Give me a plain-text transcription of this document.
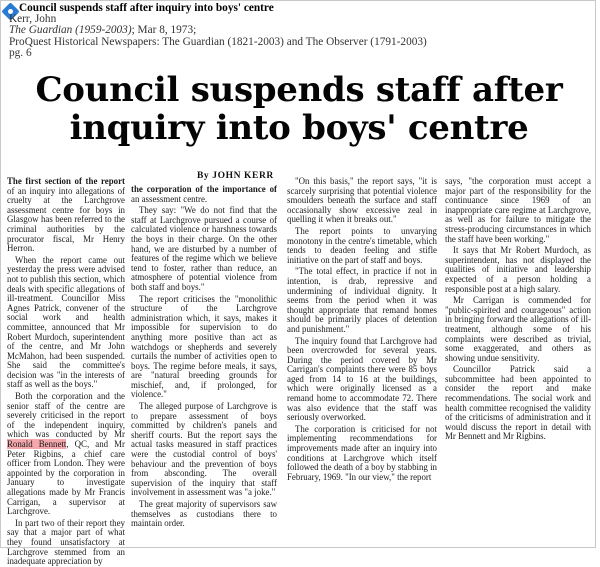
Council suspends staff after inquiry into boys' centre
Kerr, John
The Guardian (1959-2003); Mar 8, 1973;
ProQuest Historical Newspapers: The Guardian (1821-2003) and The Observer (1791-2003)
pg. 6
Council suspends staff after
inquiry into boys' centre
By JOHN KERR

The first section of the report of an inquiry into allegations of cruelty at the Larchgrove assessment centre for boys in Glasgow has been referred to the criminal authorities by the procurator fiscal, Mr Henry Herron.

When the report came out yesterday the press were advised not to publish this section, which deals with specific allegations of ill-treatment. Councillor Miss Agnes Patrick, convener of the social work and health committee, announced that Mr Robert Murdoch, superintendent of the centre, and Mr John McMahon, had been suspended. She said the committee's decision was "in the interests of staff as well as the boys."

Both the corporation and the senior staff of the centre are severely criticised in the report of the independent inquiry, which was conducted by Mr Ronald Bennett, QC, and Mr Peter Rigbins, a chief care officer from London. They were appointed by the corporation in January to investigate allegations made by Mr Francis Carrigan, a supervisor at Larchgrove.

In part two of their report they say that a major part of what they found unsatisfactory at Larchgrove stemmed from an inadequate appreciation by

the corporation of the importance of an assessment centre.

They say: "We do not find that the staff at Larchgrove pursued a course of calculated violence or harshness towards the boys in their charge. On the other hand, we are disturbed by a number of features of the regime which we believe tend to foster, rather than reduce, an atmosphere of potential violence from both staff and boys."

The report criticises the "monolithic structure of the Larchgrove administration which, it says, makes it impossible for supervision to do anything more positive than act as watchdogs or shepherds and severely curtails the number of activities open to boys. The regime before meals, it says, are "natural breeding grounds for mischief, and, if prolonged, for violence."

The alleged purpose of Larchgrove is to prepare assessment of boys committed by children's panels and sheriff courts. But the report says the actual tasks measured in staff practices were the custodial control of boys' behaviour and the prevention of boys from absconding. The overall supervision of the inquiry that staff involvement in assessment was "a joke."

The great majority of supervisors saw themselves as custodians there to maintain order.

"On this basis," the report says, "it is scarcely surprising that potential violence smoulders beneath the surface and staff occasionally show excessive zeal in quelling it when it breaks out."

The report points to unvarying monotony in the centre's timetable, which tends to deaden feeling and stifle initiative on the part of staff and boys.

"The total effect, in practice if not in intention, is drab, repressive and undermining of individual dignity. It seems from the period when it was thought appropriate that remand homes should be primarily places of detention and punishment."

The inquiry found that Larchgrove had been overcrowded for several years. During the period covered by Mr Carrigan's complaints there were 85 boys aged from 14 to 16 at the buildings, which were originally licensed as a remand home to accommodate 72. There was also evidence that the staff was seriously overworked.

The corporation is criticised for not implementing recommendations for improvements made after an inquiry into conditions at Larchgrove which itself followed the death of a boy by stabbing in February, 1969. "In our view," the report

says, "the corporation must accept a major part of the responsibility for the continuance since 1969 of an inappropriate care regime at Larchgrove, as well as for failure to mitigate the stress-producing circumstances in which the staff have been working."

It says that Mr Robert Murdoch, as superintendent, has not displayed the qualities of initiative and leadership expected of a person holding a responsible post at a high salary.

Mr Carrigan is commended for "public-spirited and courageous" action in bringing forward the allegations of ill-treatment, although some of his complaints were described as trivial, some exaggerated, and others as showing undue sensitivity.

Councillor Patrick said a subcommittee had been appointed to consider the report and make recommendations. The social work and health committee recognised the validity of the criticisms of administration and it would discuss the report in detail with Mr Bennett and Mr Rigbins.
